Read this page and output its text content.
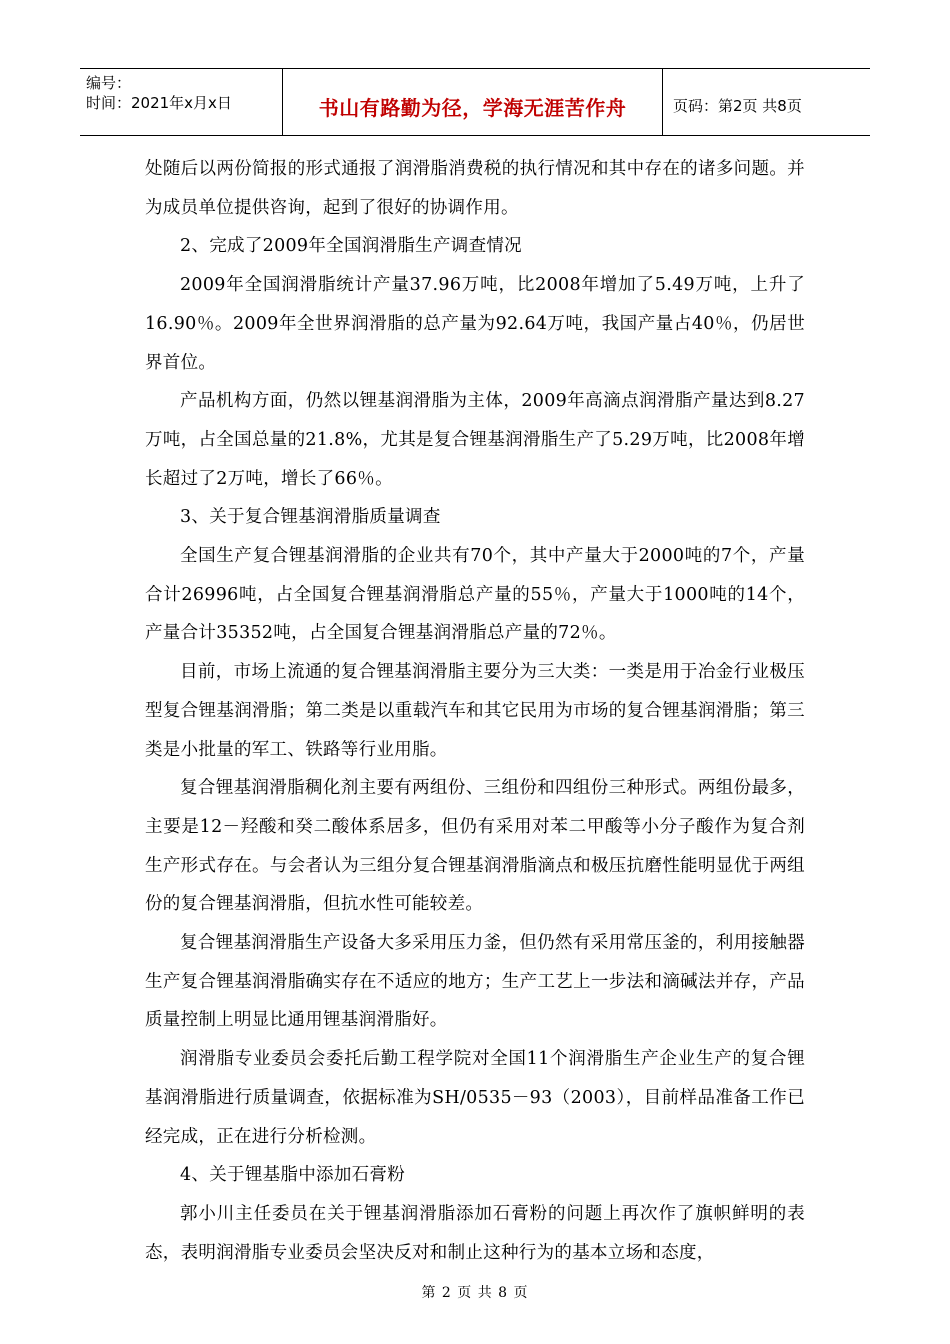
编号：
时间：2021年x月x日	书山有路勤为径，学海无涯苦作舟	页码：第2页 共8页

处随后以两份简报的形式通报了润滑脂消费税的执行情况和其中存在的诸多问题。并为成员单位提供咨询，起到了很好的协调作用。

2、完成了2009年全国润滑脂生产调查情况

2009年全国润滑脂统计产量37.96万吨，比2008年增加了5.49万吨，上升了16.90％。2009年全世界润滑脂的总产量为92.64万吨，我国产量占40％，仍居世界首位。

产品机构方面，仍然以锂基润滑脂为主体，2009年高滴点润滑脂产量达到8.27万吨，占全国总量的21.8%，尤其是复合锂基润滑脂生产了5.29万吨，比2008年增长超过了2万吨，增长了66％。

3、关于复合锂基润滑脂质量调查

全国生产复合锂基润滑脂的企业共有70个，其中产量大于2000吨的7个，产量合计26996吨，占全国复合锂基润滑脂总产量的55％，产量大于1000吨的14个，产量合计35352吨，占全国复合锂基润滑脂总产量的72％。

目前，市场上流通的复合锂基润滑脂主要分为三大类：一类是用于冶金行业极压型复合锂基润滑脂；第二类是以重载汽车和其它民用为市场的复合锂基润滑脂；第三类是小批量的军工、铁路等行业用脂。

复合锂基润滑脂稠化剂主要有两组份、三组份和四组份三种形式。两组份最多，主要是12－羟酸和癸二酸体系居多，但仍有采用对苯二甲酸等小分子酸作为复合剂生产形式存在。与会者认为三组分复合锂基润滑脂滴点和极压抗磨性能明显优于两组份的复合锂基润滑脂，但抗水性可能较差。

复合锂基润滑脂生产设备大多采用压力釜，但仍然有采用常压釜的，利用接触器生产复合锂基润滑脂确实存在不适应的地方；生产工艺上一步法和滴碱法并存，产品质量控制上明显比通用锂基润滑脂好。

润滑脂专业委员会委托后勤工程学院对全国11个润滑脂生产企业生产的复合锂基润滑脂进行质量调查，依据标准为SH/0535－93（2003），目前样品准备工作已经完成，正在进行分析检测。

4、关于锂基脂中添加石膏粉

郭小川主任委员在关于锂基润滑脂添加石膏粉的问题上再次作了旗帜鲜明的表态，表明润滑脂专业委员会坚决反对和制止这种行为的基本立场和态度，

第 2 页 共 8 页
